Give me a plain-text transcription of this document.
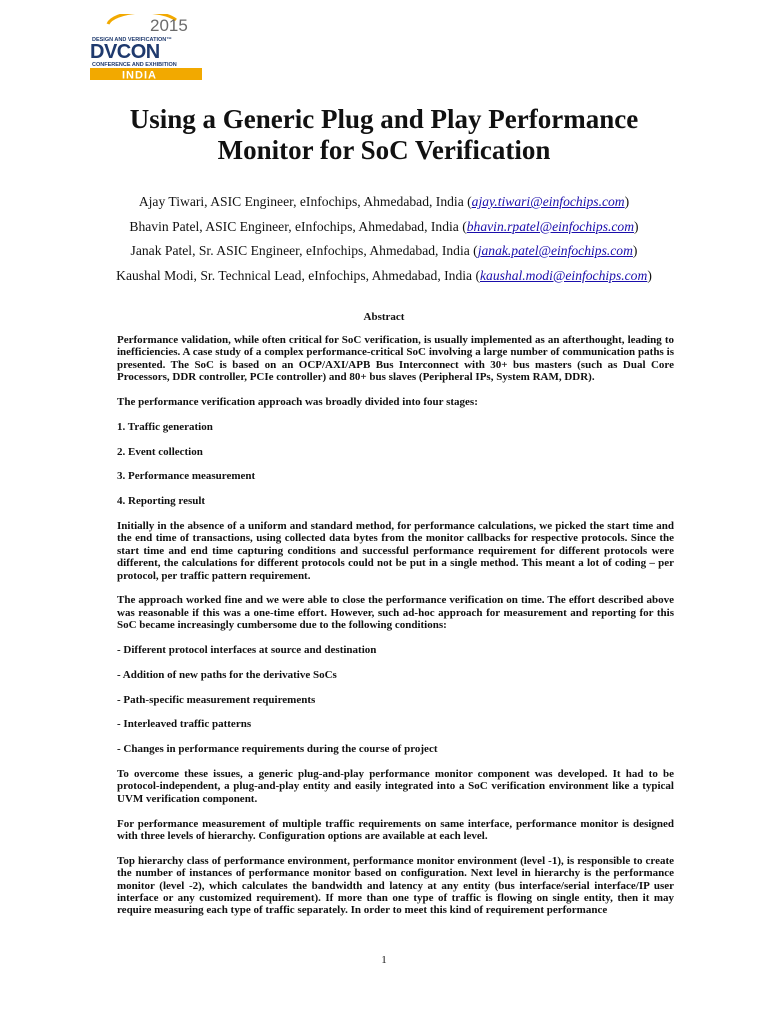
2015
DESIGN AND VERIFICATION™
DVCON
CONFERENCE AND EXHIBITION
INDIA
Using a Generic Plug and Play Performance
Monitor for SoC Verification
Ajay Tiwari, ASIC Engineer, eInfochips, Ahmedabad, India (ajay.tiwari@einfochips.com)
Bhavin Patel, ASIC Engineer, eInfochips, Ahmedabad, India (bhavin.rpatel@einfochips.com)
Janak Patel, Sr. ASIC Engineer, eInfochips, Ahmedabad, India (janak.patel@einfochips.com)
Kaushal Modi, Sr. Technical Lead, eInfochips, Ahmedabad, India (kaushal.modi@einfochips.com)
Abstract

Performance validation, while often critical for SoC verification, is usually implemented as an afterthought, leading to inefficiencies. A case study of a complex performance-critical SoC involving a large number of communication paths is presented. The SoC is based on an OCP/AXI/APB Bus Interconnect with 30+ bus masters (such as Dual Core Processors, DDR controller, PCIe controller) and 80+ bus slaves (Peripheral IPs, System RAM, DDR).

The performance verification approach was broadly divided into four stages:

1. Traffic generation

2. Event collection

3. Performance measurement

4. Reporting result

Initially in the absence of a uniform and standard method, for performance calculations, we picked the start time and the end time of transactions, using collected data bytes from the monitor callbacks for respective protocols. Since the start time and end time capturing conditions and successful performance requirement for different protocols were different, the calculations for different protocols could not be put in a single method. This meant a lot of coding – per protocol, per traffic pattern requirement.

The approach worked fine and we were able to close the performance verification on time. The effort described above was reasonable if this was a one-time effort. However, such ad-hoc approach for measurement and reporting for this SoC became increasingly cumbersome due to the following conditions:

- Different protocol interfaces at source and destination

- Addition of new paths for the derivative SoCs

- Path-specific measurement requirements

- Interleaved traffic patterns

- Changes in performance requirements during the course of project

To overcome these issues, a generic plug-and-play performance monitor component was developed. It had to be protocol-independent, a plug-and-play entity and easily integrated into a SoC verification environment like a typical UVM verification component.

For performance measurement of multiple traffic requirements on same interface, performance monitor is designed with three levels of hierarchy. Configuration options are available at each level.

Top hierarchy class of performance environment, performance monitor environment (level -1), is responsible to create the number of instances of performance monitor based on configuration. Next level in hierarchy is the performance monitor (level -2), which calculates the bandwidth and latency at any entity (bus interface/serial interface/IP user interface or any customized requirement). If more than one type of traffic is flowing on single entity, then it may require measuring each type of traffic separately. In order to meet this kind of requirement performance

1
